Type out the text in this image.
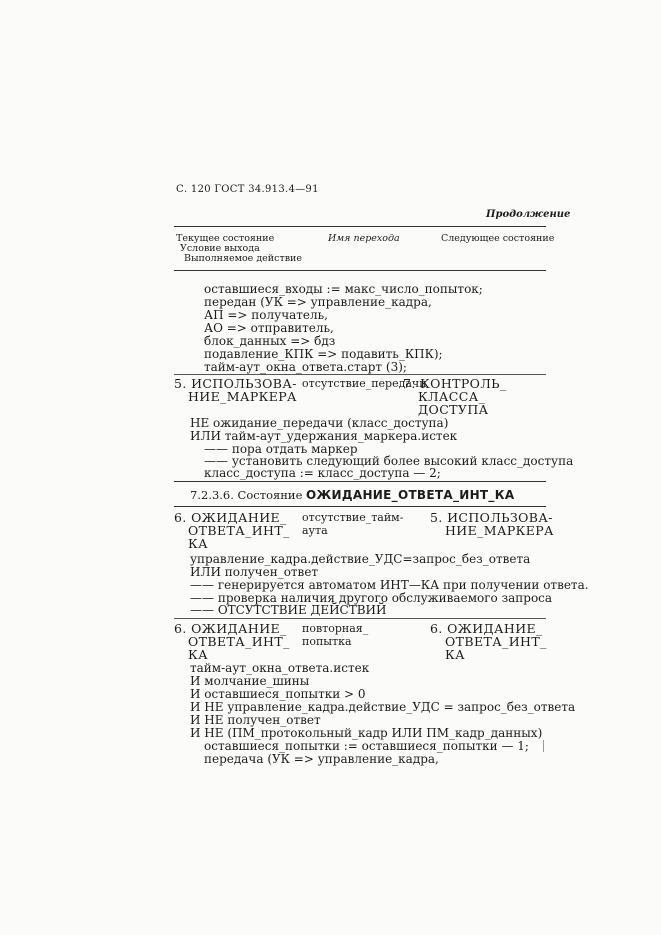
С. 120 ГОСТ 34.913.4—91
Продолжение
Текущее состояние
Условие выхода
Выполняемое действие
Имя перехода	Следующее состояние
оставшиеся_входы := макс_число_попыток;
передан (УК => управление_кадра,
АП => получатель,
АО => отправитель,
блок_данных => бдз
подавление_КПК => подавить_КПК);
тайм-аут_окна_ответа.старт (3);
5. ИСПОЛЬЗОВА-
НИЕ_МАРКЕРА
отсутствие_передачи
7. КОНТРОЛЬ_
КЛАССА_
ДОСТУПА
НЕ ожидание_передачи (класс_доступа)
ИЛИ тайм-аут_удержания_маркера.истек
—— пора отдать маркер
—— установить следующий более высокий класс_доступа
класс_доступа := класс_доступа — 2;
7.2.3.6. Состояние ОЖИДАНИЕ_ОТВЕТА_ИНТ_КА
6. ОЖИДАНИЕ_
ОТВЕТА_ИНТ_
КА
отсутствие_тайм-
аута
5. ИСПОЛЬЗОВА-
НИЕ_МАРКЕРА
управление_кадра.действие_УДС=запрос_без_ответа
ИЛИ получен_ответ
—— генерируется автоматом ИНТ—КА при получении ответа.
—— проверка наличия другого обслуживаемого запроса
—— ОТСУТСТВИЕ ДЕЙСТВИЙ
6. ОЖИДАНИЕ_
ОТВЕТА_ИНТ_
КА
повторная_
попытка
6. ОЖИДАНИЕ_
ОТВЕТА_ИНТ_
КА
тайм-аут_окна_ответа.истек
И молчание_шины
И оставшиеся_попытки > 0
И НЕ управление_кадра.действие_УДС = запрос_без_ответа
И НЕ получен_ответ
И НЕ (ПМ_протокольный_кадр ИЛИ ПМ_кадр_данных)
оставшиеся_попытки := оставшиеся_попытки — 1;
передача (УК => управление_кадра,
